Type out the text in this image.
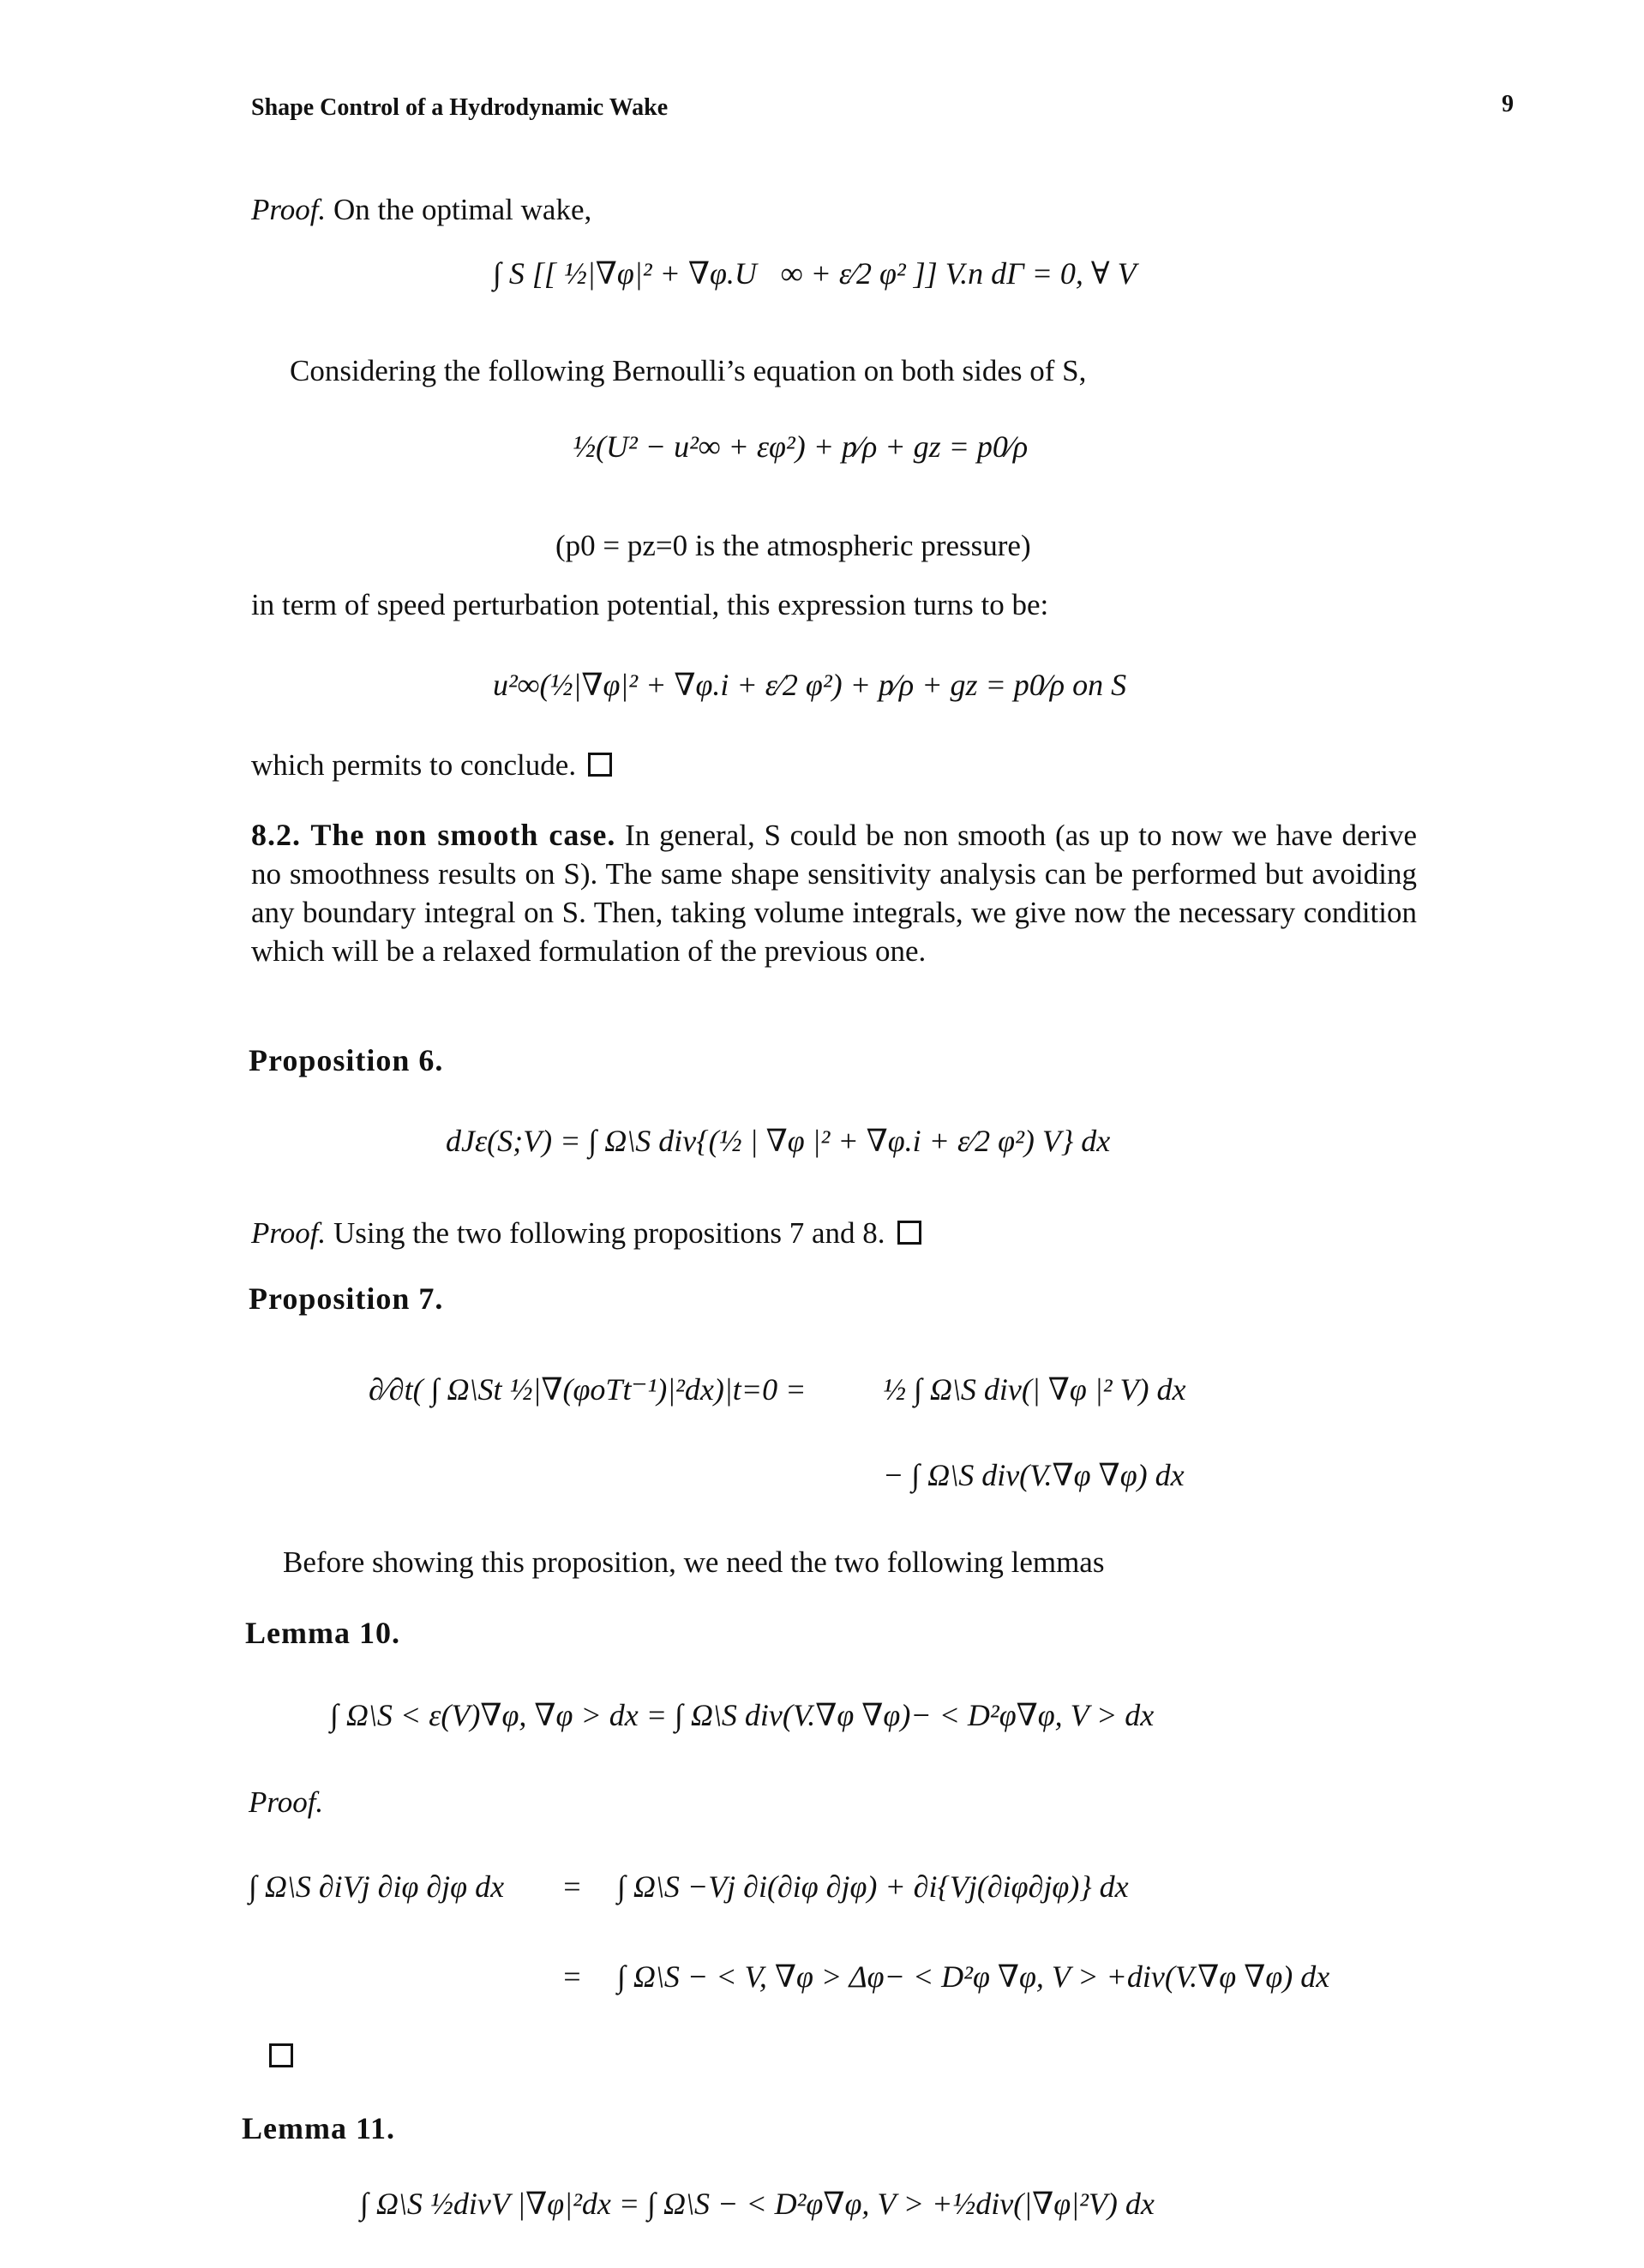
Shape Control of a Hydrodynamic Wake	9
Proof. On the optimal wake,
∫ S [[ ½|∇φ|² + ∇φ.U⃗∞ + ε⁄2 φ² ]] V.n dΓ = 0, ∀ V
Considering the following Bernoulli’s equation on both sides of S,
½(U² − u²∞ + εφ²) + p⁄ρ + gz = p0⁄ρ
(p0 = pz=0 is the atmospheric pressure)
in term of speed perturbation potential, this expression turns to be:
u²∞(½|∇φ|² + ∇φ.i + ε⁄2 φ²) + p⁄ρ + gz = p0⁄ρ on S
which permits to conclude.
8.2. The non smooth case. In general, S could be non smooth (as up to now we have derive no smoothness results on S). The same shape sensitivity analysis can be performed but avoiding any boundary integral on S. Then, taking volume integrals, we give now the necessary condition which will be a relaxed formulation of the previous one.
Proposition 6.
dJε(S;V) = ∫ Ω\S div{(½ | ∇φ |² + ∇φ.i + ε⁄2 φ²) V} dx
Proof. Using the two following propositions 7 and 8.
Proposition 7.
∂⁄∂t( ∫ Ω\St ½|∇(φoTt⁻¹)|²dx)|t=0 = ½ ∫ Ω\S div(| ∇φ |² V) dx
− ∫ Ω\S div(V.∇φ ∇φ) dx
Before showing this proposition, we need the two following lemmas
Lemma 10.
∫ Ω\S < ε(V)∇φ, ∇φ > dx = ∫ Ω\S div(V.∇φ ∇φ)− < D²φ∇φ, V > dx
Proof.
∫ Ω\S ∂iVj ∂iφ ∂jφ dx = ∫ Ω\S −Vj ∂i(∂iφ ∂jφ) + ∂i{Vj(∂iφ∂jφ)} dx
= ∫ Ω\S − < V, ∇φ > Δφ− < D²φ ∇φ, V > +div(V.∇φ ∇φ) dx
Lemma 11.
∫ Ω\S ½divV |∇φ|²dx = ∫ Ω\S − < D²φ∇φ, V > +½div(|∇φ|²V) dx
